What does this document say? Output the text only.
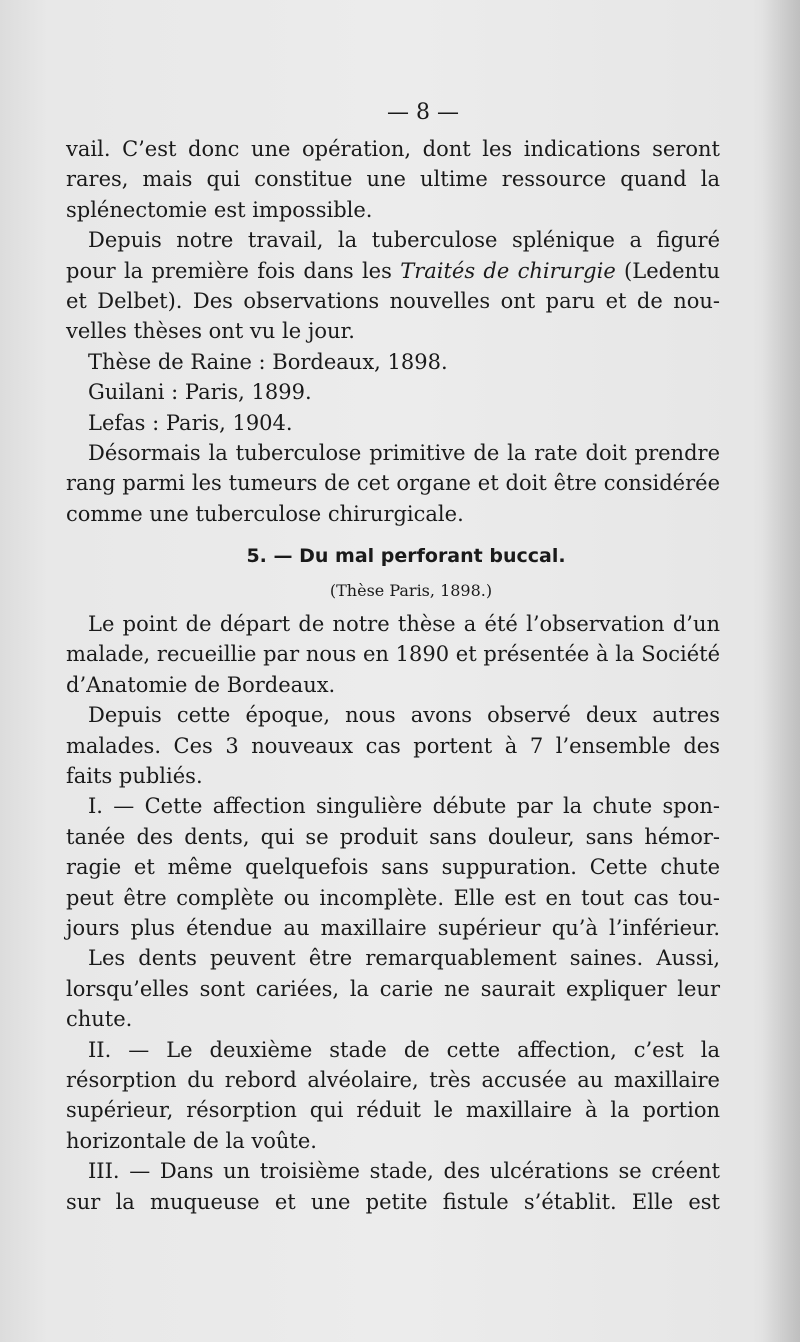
— 8 —
vail. C’est donc une opération, dont les indications seront
rares, mais qui constitue une ultime ressource quand la
splénectomie est impossible.
Depuis notre travail, la tuberculose splénique a figuré
pour la première fois dans les Traités de chirurgie (Ledentu
et Delbet). Des observations nouvelles ont paru et de nou-
velles thèses ont vu le jour.
Thèse de Raine : Bordeaux, 1898.
Guilani : Paris, 1899.
Lefas : Paris, 1904.
Désormais la tuberculose primitive de la rate doit prendre
rang parmi les tumeurs de cet organe et doit être considérée
comme une tuberculose chirurgicale.
5. — Du mal perforant buccal.
(Thèse Paris, 1898.)
Le point de départ de notre thèse a été l’observation d’un
malade, recueillie par nous en 1890 et présentée à la Société
d’Anatomie de Bordeaux.
Depuis cette époque, nous avons observé deux autres
malades. Ces 3 nouveaux cas portent à 7 l’ensemble des
faits publiés.
I. — Cette affection singulière débute par la chute spon-
tanée des dents, qui se produit sans douleur, sans hémor-
ragie et même quelquefois sans suppuration. Cette chute
peut être complète ou incomplète. Elle est en tout cas tou-
jours plus étendue au maxillaire supérieur qu’à l’inférieur.
Les dents peuvent être remarquablement saines. Aussi,
lorsqu’elles sont cariées, la carie ne saurait expliquer leur
chute.
II. — Le deuxième stade de cette affection, c’est la
résorption du rebord alvéolaire, très accusée au maxillaire
supérieur, résorption qui réduit le maxillaire à la portion
horizontale de la voûte.
III. — Dans un troisième stade, des ulcérations se créent
sur la muqueuse et une petite fistule s’établit. Elle est
